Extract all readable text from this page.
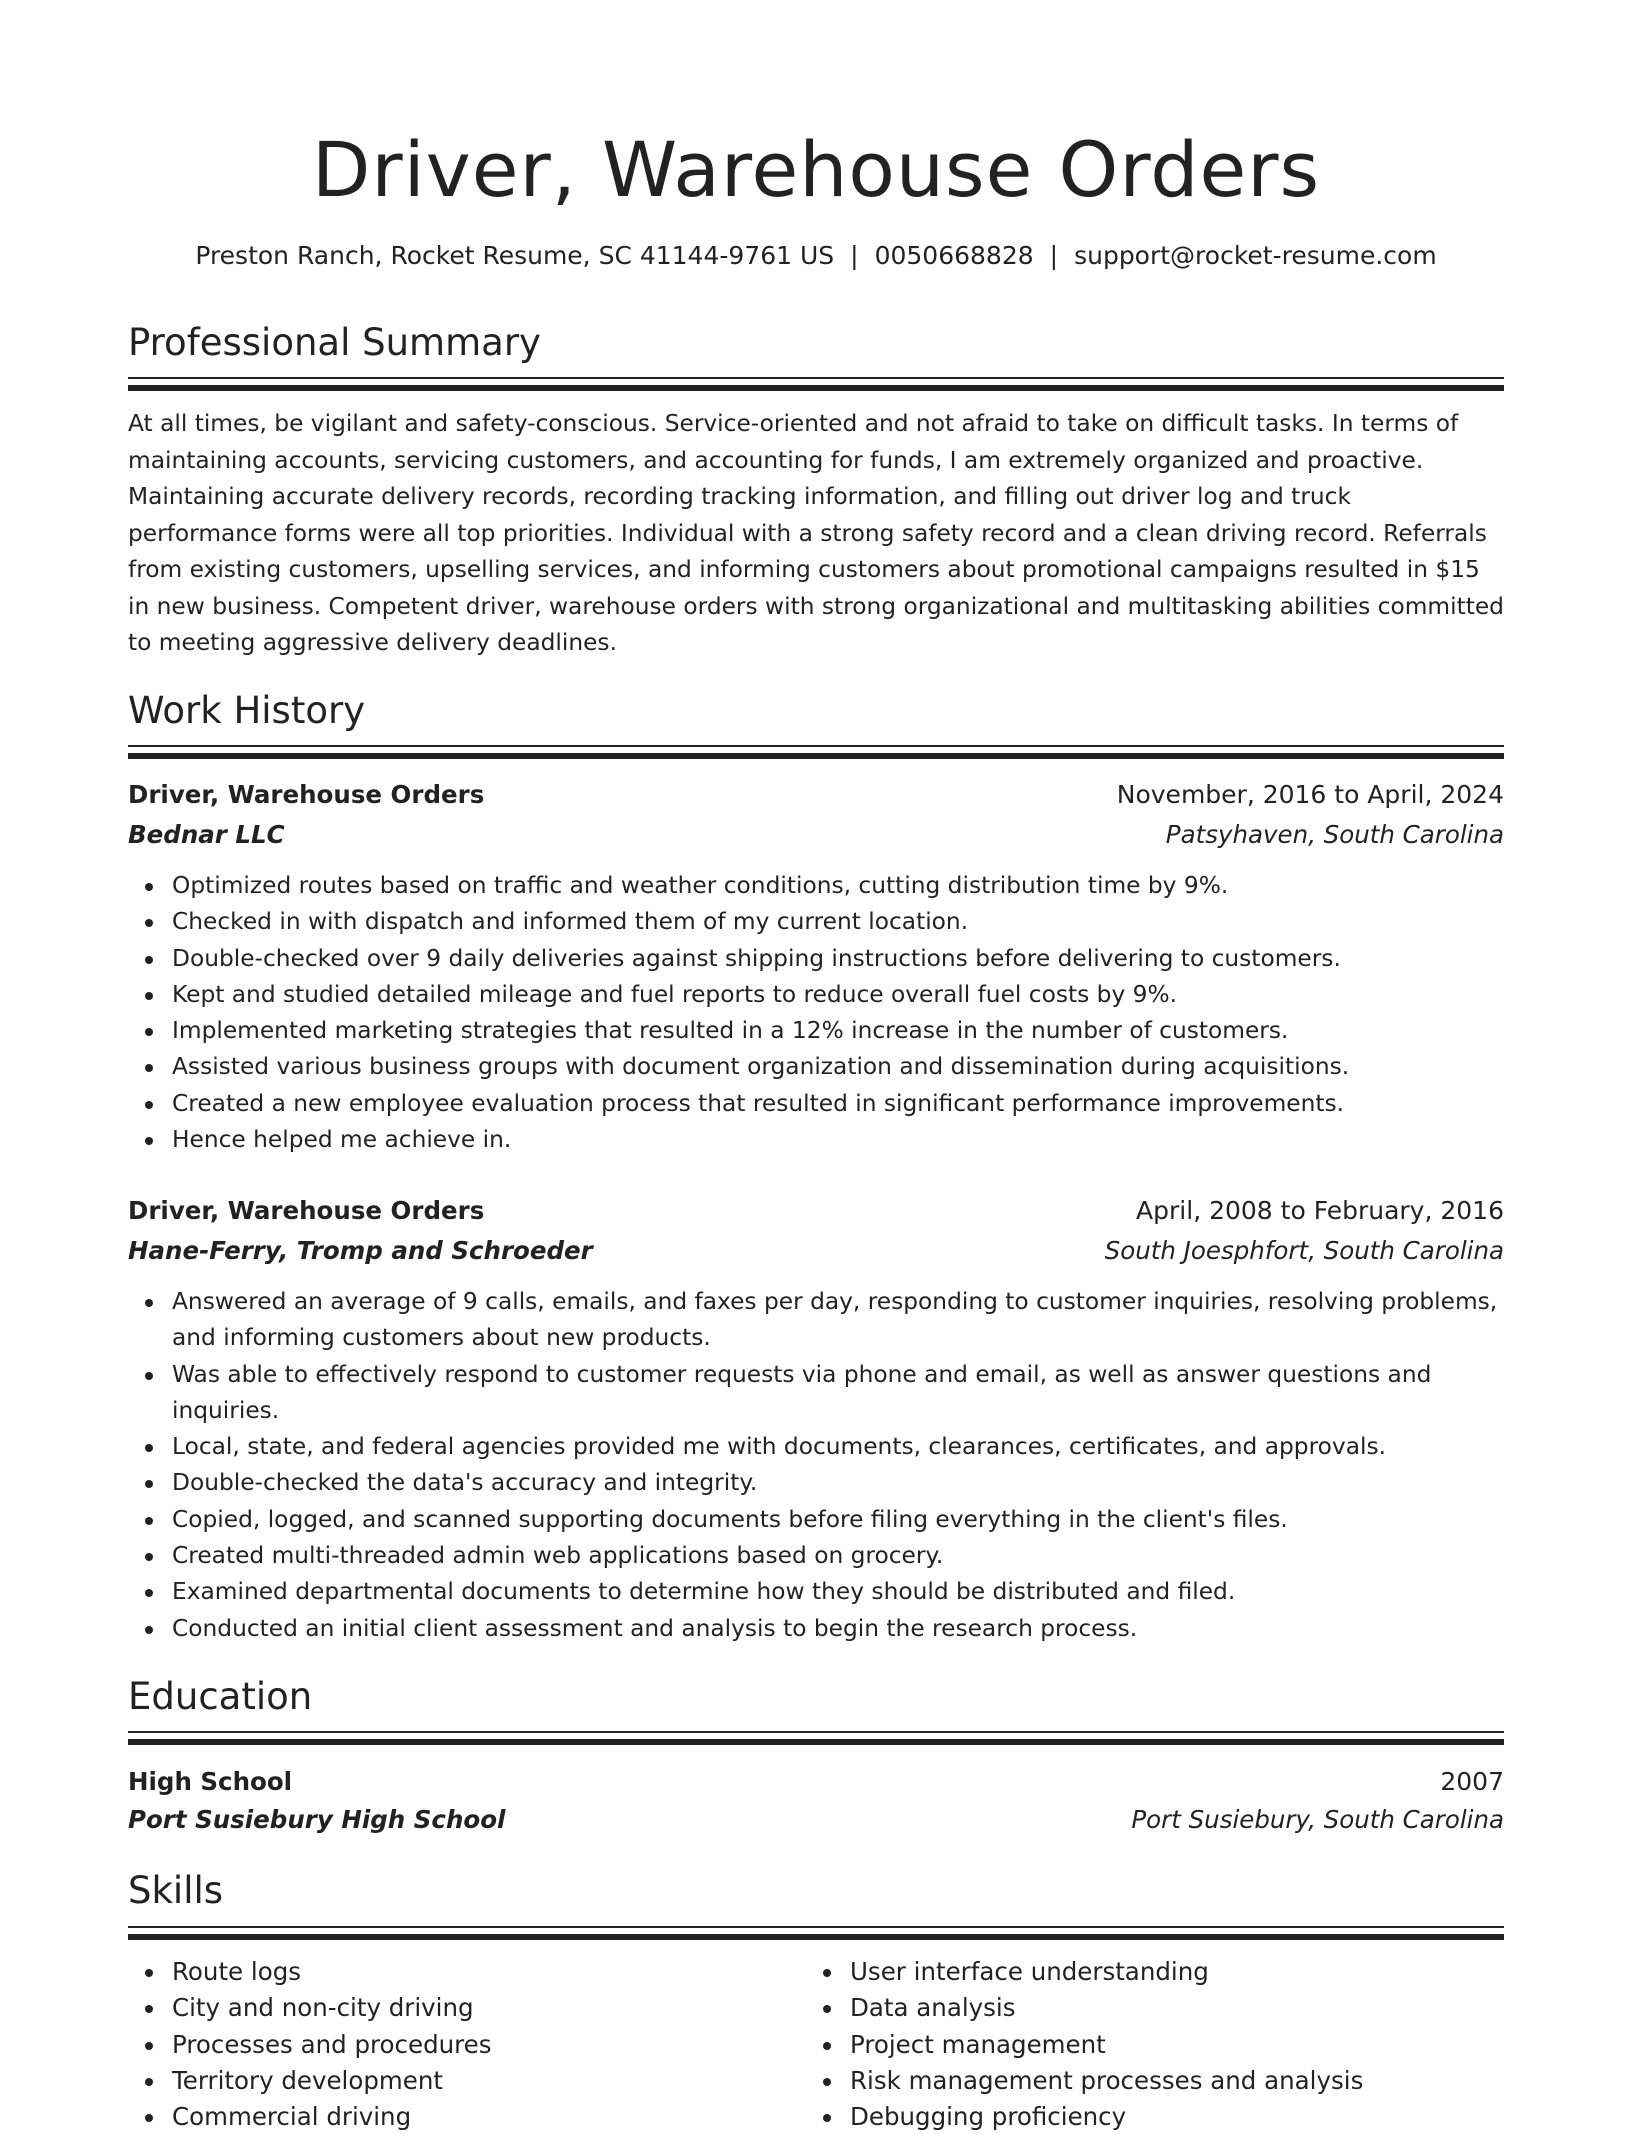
Driver, Warehouse Orders
Preston Ranch, Rocket Resume, SC 41144-9761 US | 0050668828 | support@rocket-resume.com
Professional Summary

At all times, be vigilant and safety-conscious. Service-oriented and not afraid to take on difficult tasks. In terms of maintaining accounts, servicing customers, and accounting for funds, I am extremely organized and proactive. Maintaining accurate delivery records, recording tracking information, and filling out driver log and truck performance forms were all top priorities. Individual with a strong safety record and a clean driving record. Referrals from existing customers, upselling services, and informing customers about promotional campaigns resulted in $15 in new business. Competent driver, warehouse orders with strong organizational and multitasking abilities committed to meeting aggressive delivery deadlines.

Work History
Driver, Warehouse Orders	November, 2016 to April, 2024
Bednar LLC	Patsyhaven, South Carolina
Optimized routes based on traffic and weather conditions, cutting distribution time by 9%.
Checked in with dispatch and informed them of my current location.
Double-checked over 9 daily deliveries against shipping instructions before delivering to customers.
Kept and studied detailed mileage and fuel reports to reduce overall fuel costs by 9%.
Implemented marketing strategies that resulted in a 12% increase in the number of customers.
Assisted various business groups with document organization and dissemination during acquisitions.
Created a new employee evaluation process that resulted in significant performance improvements.
Hence helped me achieve in.
Driver, Warehouse Orders	April, 2008 to February, 2016
Hane-Ferry, Tromp and Schroeder	South Joesphfort, South Carolina
Answered an average of 9 calls, emails, and faxes per day, responding to customer inquiries, resolving problems, and informing customers about new products.
Was able to effectively respond to customer requests via phone and email, as well as answer questions and inquiries.
Local, state, and federal agencies provided me with documents, clearances, certificates, and approvals.
Double-checked the data's accuracy and integrity.
Copied, logged, and scanned supporting documents before filing everything in the client's files.
Created multi-threaded admin web applications based on grocery.
Examined departmental documents to determine how they should be distributed and filed.
Conducted an initial client assessment and analysis to begin the research process.
Education
High School	2007
Port Susiebury High School	Port Susiebury, South Carolina
Skills
Route logs
City and non-city driving
Processes and procedures
Territory development
Commercial driving
User interface understanding
Data analysis
Project management
Risk management processes and analysis
Debugging proficiency
